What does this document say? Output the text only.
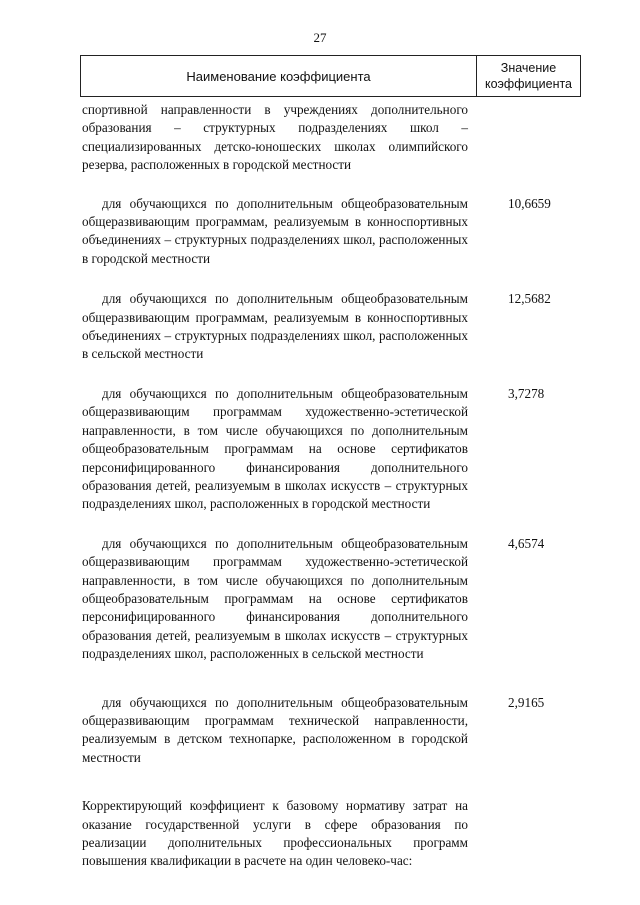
27
Наименование коэффициента
Значение
коэффициента
спортивной направленности в учреждениях дополнительного образования – структурных подразделениях школ – специализированных детско-юношеских школах олимпийского резерва, расположенных в городской местности
для обучающихся по дополнительным общеобразовательным общеразвивающим программам, реализуемым в конноспортивных объединениях – структурных подразделениях школ, расположенных в городской местности
10,6659
для обучающихся по дополнительным общеобразовательным общеразвивающим программам, реализуемым в конноспортивных объединениях – структурных подразделениях школ, расположенных в сельской местности
12,5682
для обучающихся по дополнительным общеобразовательным общеразвивающим программам художественно-эстетической направленности, в том числе обучающихся по дополнительным общеобразовательным программам на основе сертификатов персонифицированного финансирования дополнительного образования детей, реализуемым в школах искусств – структурных подразделениях школ, расположенных в городской местности
3,7278
для обучающихся по дополнительным общеобразовательным общеразвивающим программам художественно-эстетической направленности, в том числе обучающихся по дополнительным общеобразовательным программам на основе сертификатов персонифицированного финансирования дополнительного образования детей, реализуемым в школах искусств – структурных подразделениях школ, расположенных в сельской местности
4,6574
для обучающихся по дополнительным общеобразовательным общеразвивающим программам технической направленности, реализуемым в детском технопарке, расположенном в городской местности
2,9165
Корректирующий коэффициент к базовому нормативу затрат на оказание государственной услуги в сфере образования по реализации дополнительных профессиональных программ повышения квалификации в расчете на один человеко-час:
